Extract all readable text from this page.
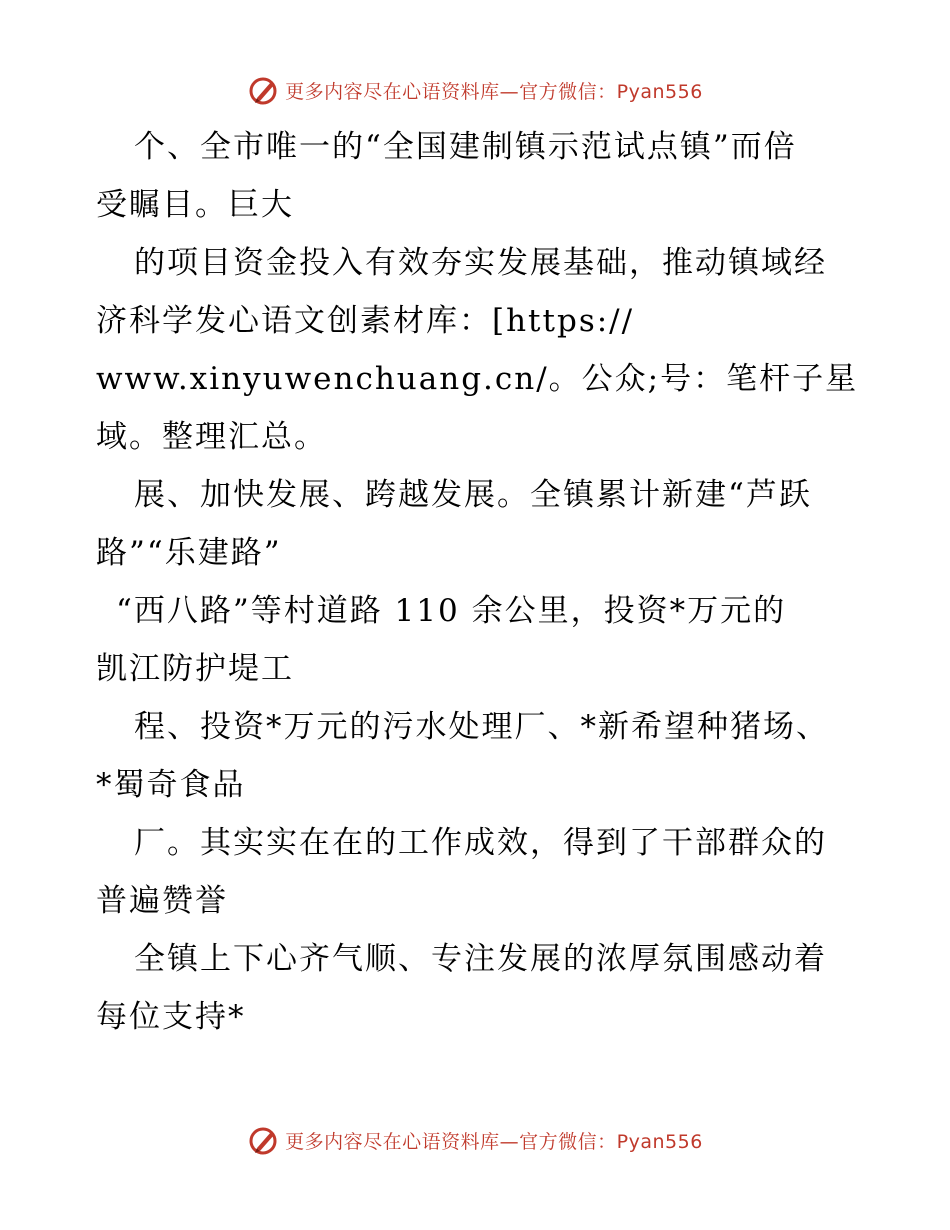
更多内容尽在心语资料库—官方微信：Pyan556
个、全市唯一的“全国建制镇示范试点镇”而倍
受瞩目。巨大
的项目资金投入有效夯实发展基础，推动镇域经
济科学发心语文创素材库：[https://
www.xinyuwenchuang.cn/。公众;号：笔杆子星
域。整理汇总。
展、加快发展、跨越发展。全镇累计新建“芦跃
路”“乐建路”
“西八路”等村道路 110 余公里，投资*万元的
凯江防护堤工
程、投资*万元的污水处理厂、*新希望种猪场、
*蜀奇食品
厂。其实实在在的工作成效，得到了干部群众的
普遍赞誉
全镇上下心齐气顺、专注发展的浓厚氛围感动着
每位支持*
更多内容尽在心语资料库—官方微信：Pyan556
